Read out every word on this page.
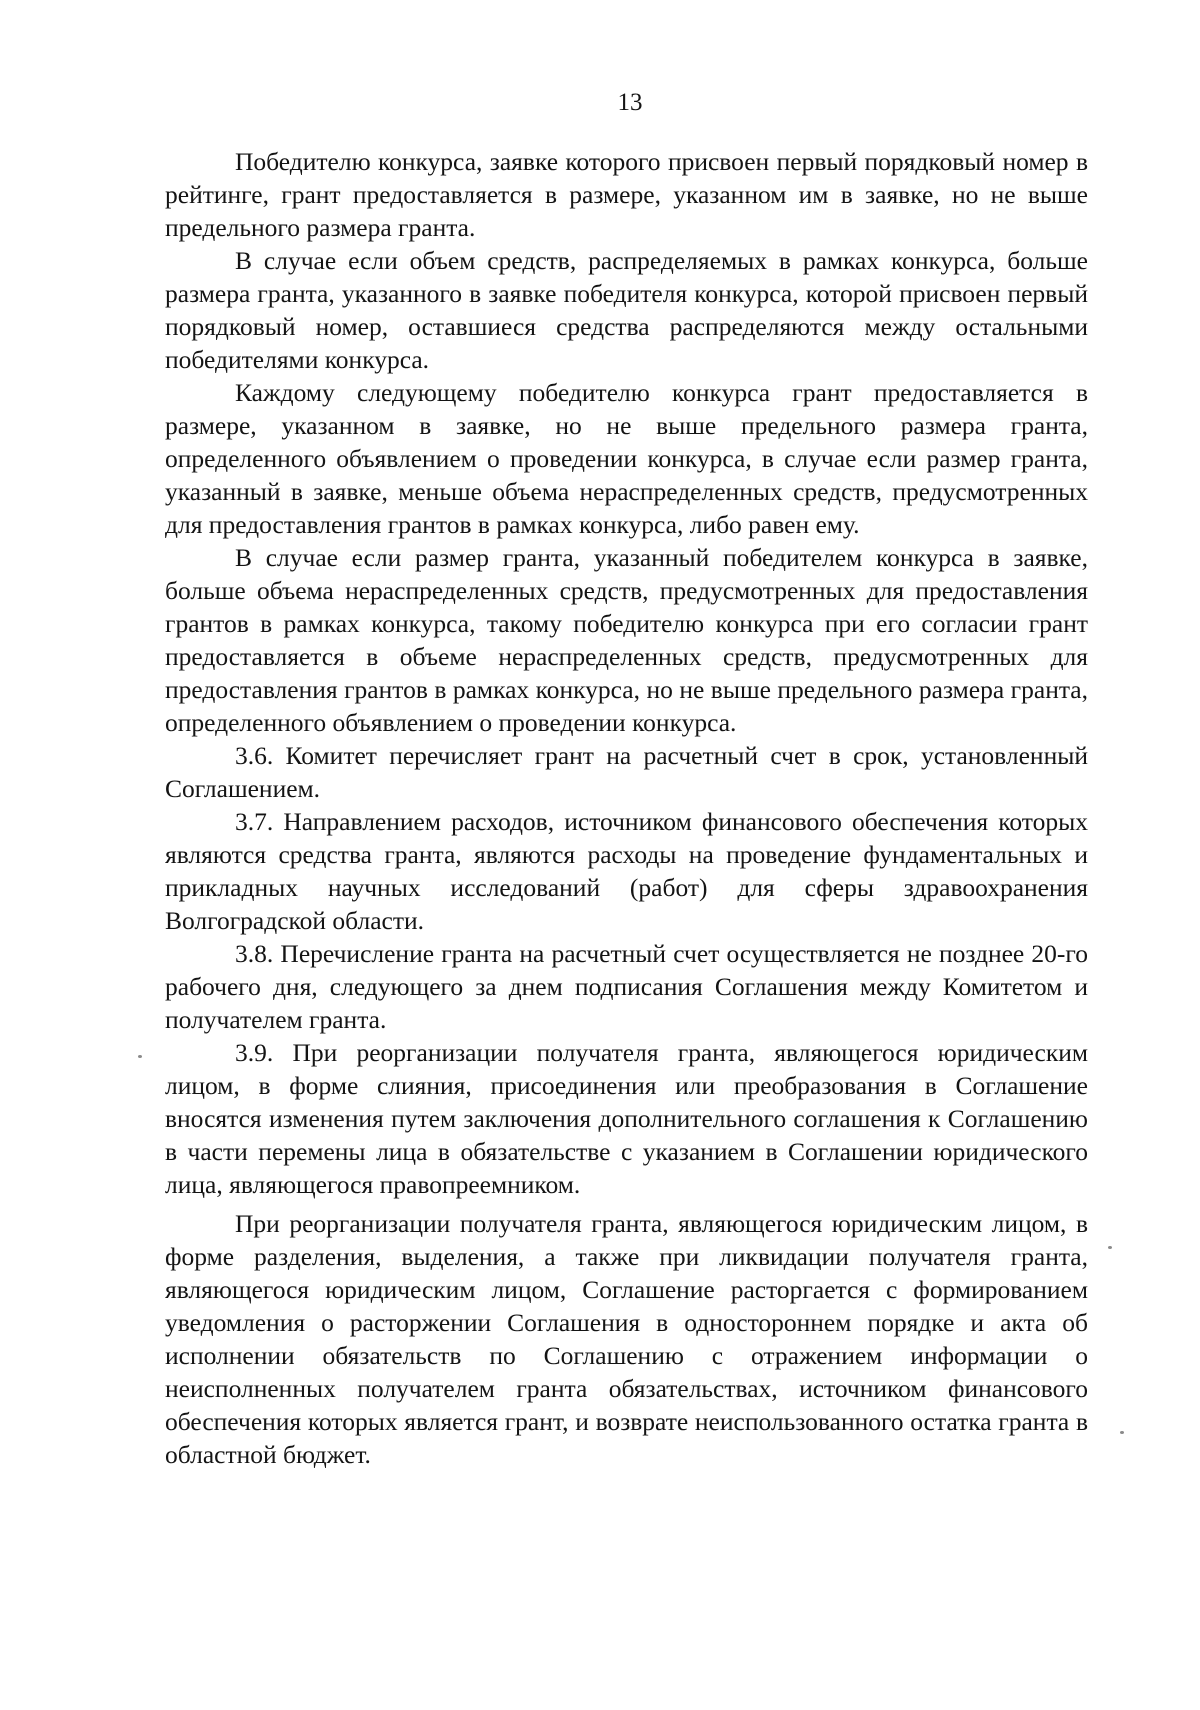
13

Победителю конкурса, заявке которого присвоен первый порядковый номер в рейтинге, грант предоставляется в размере, указанном им в заявке, но не выше предельного размера гранта.

В случае если объем средств, распределяемых в рамках конкурса, больше размера гранта, указанного в заявке победителя конкурса, которой присвоен первый порядковый номер, оставшиеся средства распределяются между остальными победителями конкурса.

Каждому следующему победителю конкурса грант предоставляется в размере, указанном в заявке, но не выше предельного размера гранта, определенного объявлением о проведении конкурса, в случае если размер гранта, указанный в заявке, меньше объема нераспределенных средств, предусмотренных для предоставления грантов в рамках конкурса, либо равен ему.

В случае если размер гранта, указанный победителем конкурса в заявке, больше объема нераспределенных средств, предусмотренных для предоставления грантов в рамках конкурса, такому победителю конкурса при его согласии грант предоставляется в объеме нераспределенных средств, предусмотренных для предоставления грантов в рамках конкурса, но не выше предельного размера гранта, определенного объявлением о проведении конкурса.

3.6. Комитет перечисляет грант на расчетный счет в срок, установленный Соглашением.

3.7. Направлением расходов, источником финансового обеспечения которых являются средства гранта, являются расходы на проведение фундаментальных и прикладных научных исследований (работ) для сферы здравоохранения Волгоградской области.

3.8. Перечисление гранта на расчетный счет осуществляется не позднее 20-го рабочего дня, следующего за днем подписания Соглашения между Комитетом и получателем гранта.

3.9. При реорганизации получателя гранта, являющегося юридическим лицом, в форме слияния, присоединения или преобразования в Соглашение вносятся изменения путем заключения дополнительного соглашения к Соглашению в части перемены лица в обязательстве с указанием в Соглашении юридического лица, являющегося правопреемником.

При реорганизации получателя гранта, являющегося юридическим лицом, в форме разделения, выделения, а также при ликвидации получателя гранта, являющегося юридическим лицом, Соглашение расторгается с формированием уведомления о расторжении Соглашения в одностороннем порядке и акта об исполнении обязательств по Соглашению с отражением информации о неисполненных получателем гранта обязательствах, источником финансового обеспечения которых является грант, и возврате неиспользованного остатка гранта в областной бюджет.
